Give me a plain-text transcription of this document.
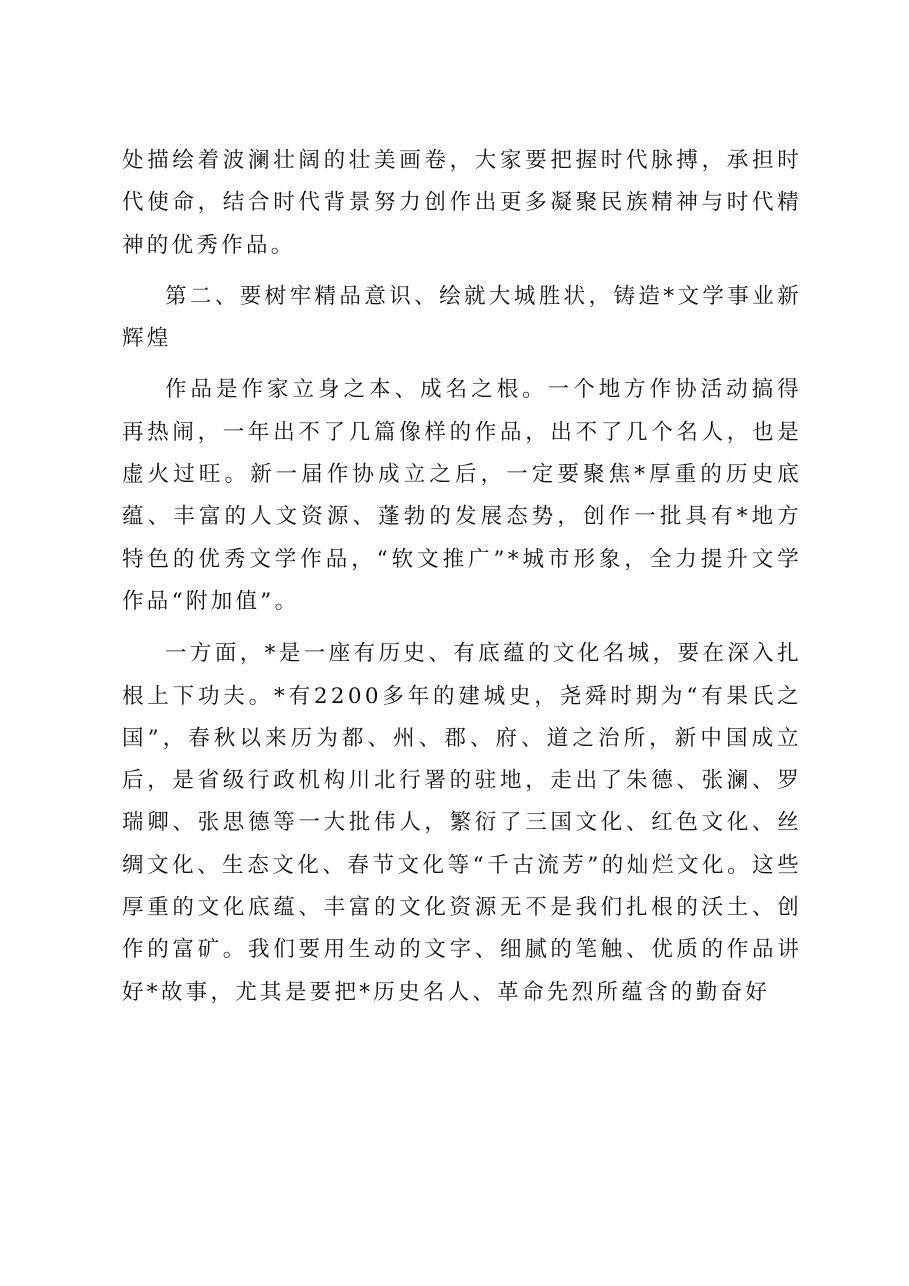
处描绘着波澜壮阔的壮美画卷，大家要把握时代脉搏，承担时代使命，结合时代背景努力创作出更多凝聚民族精神与时代精神的优秀作品。

第二、要树牢精品意识、绘就大城胜状，铸造*文学事业新辉煌

作品是作家立身之本、成名之根。一个地方作协活动搞得再热闹，一年出不了几篇像样的作品，出不了几个名人，也是虚火过旺。新一届作协成立之后，一定要聚焦*厚重的历史底蕴、丰富的人文资源、蓬勃的发展态势，创作一批具有*地方特色的优秀文学作品，“软文推广”*城市形象，全力提升文学作品“附加值”。

一方面，*是一座有历史、有底蕴的文化名城，要在深入扎根上下功夫。*有2200多年的建城史，尧舜时期为“有果氏之国”，春秋以来历为都、州、郡、府、道之治所，新中国成立后，是省级行政机构川北行署的驻地，走出了朱德、张澜、罗瑞卿、张思德等一大批伟人，繁衍了三国文化、红色文化、丝绸文化、生态文化、春节文化等“千古流芳”的灿烂文化。这些厚重的文化底蕴、丰富的文化资源无不是我们扎根的沃土、创作的富矿。我们要用生动的文字、细腻的笔触、优质的作品讲好*故事，尤其是要把*历史名人、革命先烈所蕴含的勤奋好
